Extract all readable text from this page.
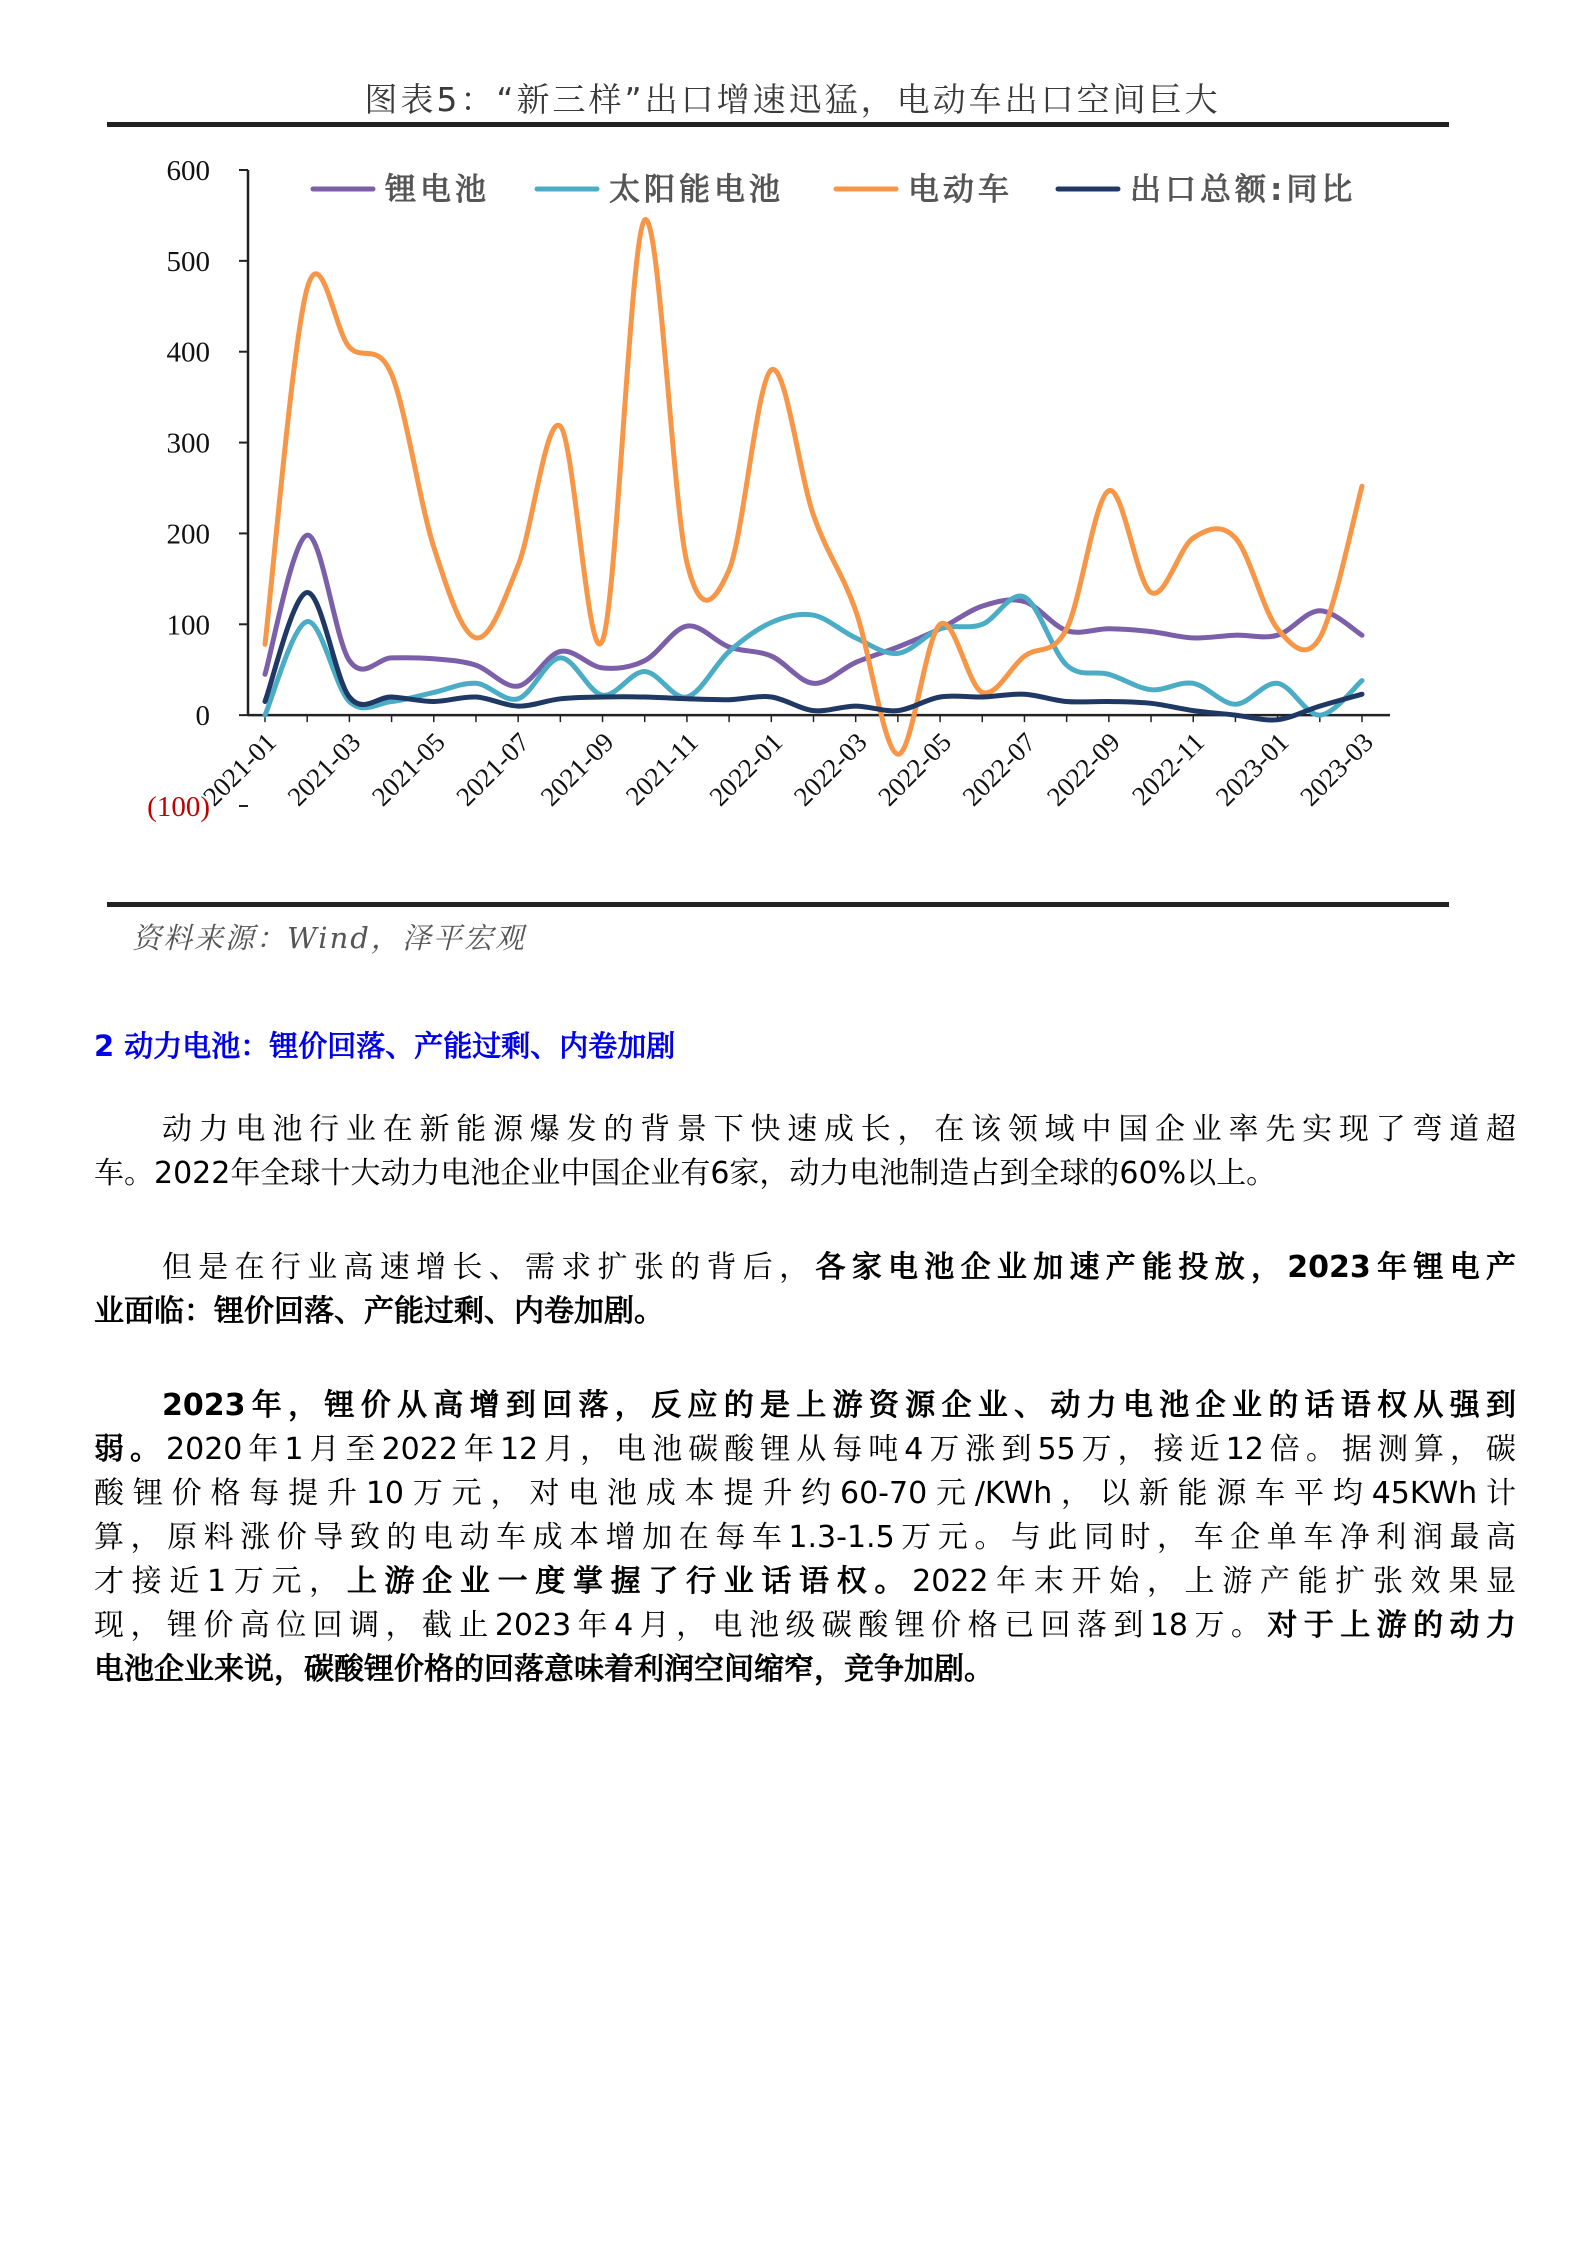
图表5：“新三样”出口增速迅猛，电动车出口空间巨大
600
500
400
300
200
100
0
(100)
2021-01 2021-03 2021-05 2021-07 2021-09 2021-11 2022-01 2022-03 2022-05 2022-07 2022-09 2022-11 2023-01 2023-03
锂电池	太阳能电池	电动车	出口总额:同比
资料来源：Wind，泽平宏观
2 动力电池：锂价回落、产能过剩、内卷加剧
动力电池行业在新能源爆发的背景下快速成长，在该领域中国企业率先实现了弯道超
车。2022年全球十大动力电池企业中国企业有6家，动力电池制造占到全球的60%以上。
但是在行业高速增长、需求扩张的背后，各家电池企业加速产能投放，2023年锂电产
业面临：锂价回落、产能过剩、内卷加剧。
2023年，锂价从高增到回落，反应的是上游资源企业、动力电池企业的话语权从强到
弱。2020年1月至2022年12月，电池碳酸锂从每吨4万涨到55万，接近12倍。据测算，碳
酸锂价格每提升10万元，对电池成本提升约60-70元/KWh，以新能源车平均45KWh计
算，原料涨价导致的电动车成本增加在每车1.3-1.5万元。与此同时，车企单车净利润最高
才接近1万元，上游企业一度掌握了行业话语权。2022年末开始，上游产能扩张效果显
现，锂价高位回调，截止2023年4月，电池级碳酸锂价格已回落到18万。对于上游的动力
电池企业来说，碳酸锂价格的回落意味着利润空间缩窄，竞争加剧。
